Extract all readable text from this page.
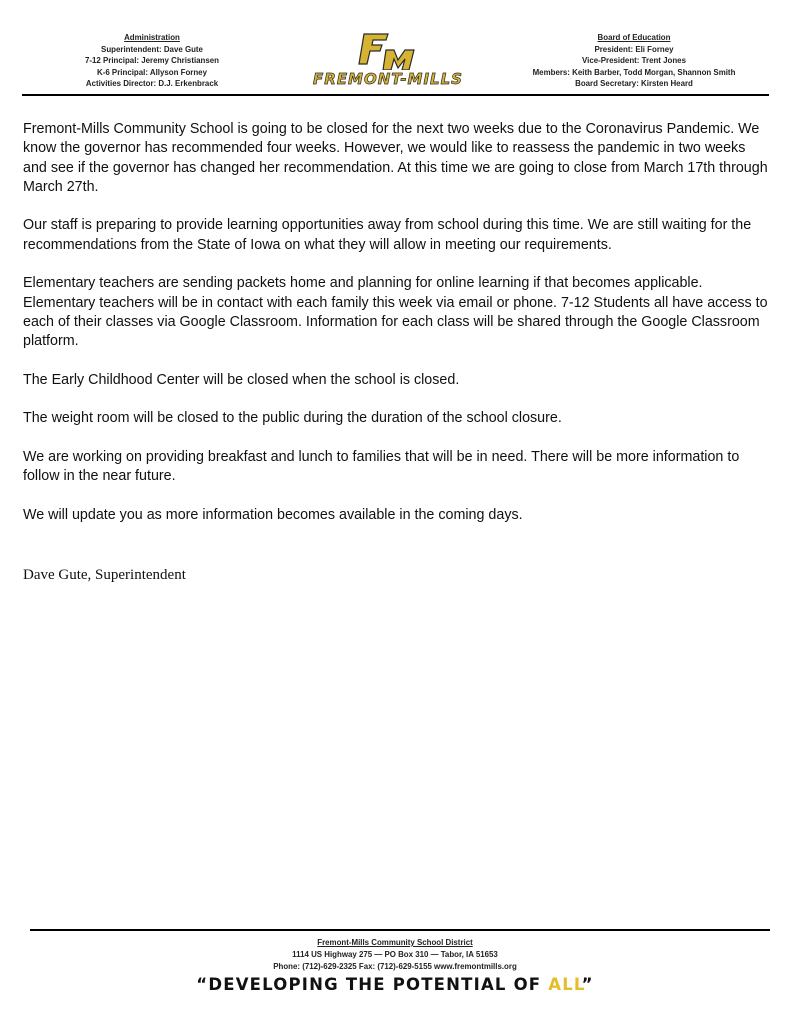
Administration
Superintendent: Dave Gute
7-12 Principal: Jeremy Christiansen
K-6 Principal: Allyson Forney
Activities Director: D.J. Erkenbrack	FREMONT-MILLS
Board of Education
President: Eli Forney
Vice-President: Trent Jones
Members: Keith Barber, Todd Morgan, Shannon Smith
Board Secretary: Kirsten Heard

Fremont-Mills Community School is going to be closed for the next two weeks due to the Coronavirus Pandemic. We know the governor has recommended four weeks. However, we would like to reassess the pandemic in two weeks and see if the governor has changed her recommendation. At this time we are going to close from March 17th through March 27th.

Our staff is preparing to provide learning opportunities away from school during this time. We are still waiting for the recommendations from the State of Iowa on what they will allow in meeting our requirements.

Elementary teachers are sending packets home and planning for online learning if that becomes applicable. Elementary teachers will be in contact with each family this week via email or phone. 7-12 Students all have access to each of their classes via Google Classroom. Information for each class will be shared through the Google Classroom platform.

The Early Childhood Center will be closed when the school is closed.

The weight room will be closed to the public during the duration of the school closure.

We are working on providing breakfast and lunch to families that will be in need. There will be more information to follow in the near future.

We will update you as more information becomes available in the coming days.

Dave Gute, Superintendent
Fremont-Mills Community School District
1114 US Highway 275 — PO Box 310 — Tabor, IA 51653
Phone: (712)-629-2325 Fax: (712)-629-5155 www.fremontmills.org
“DEVELOPING THE POTENTIAL OF ALL”
